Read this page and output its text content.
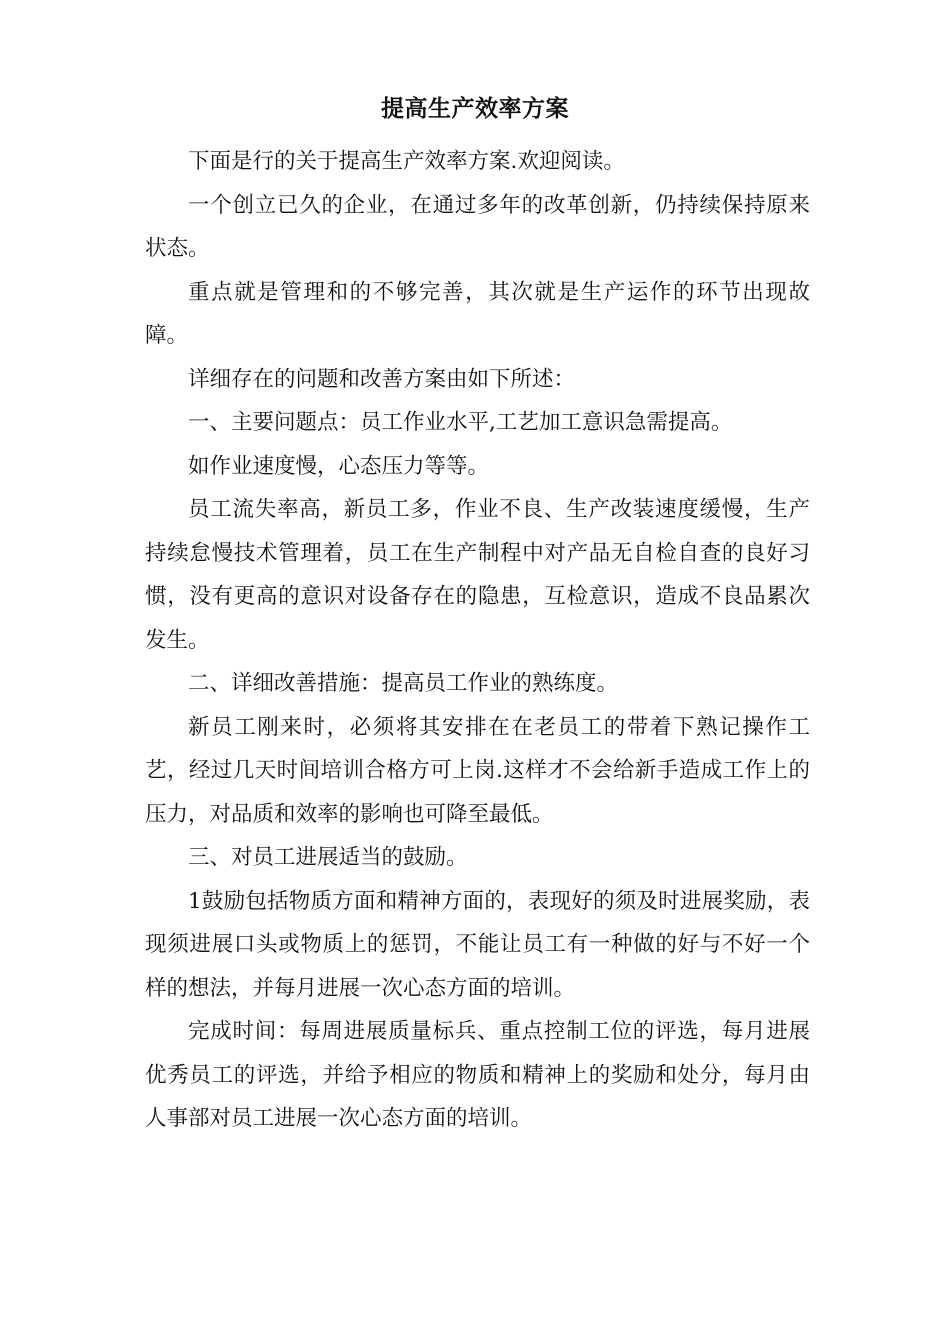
提高生产效率方案

下面是行的关于提高生产效率方案.欢迎阅读。

一个创立已久的企业，在通过多年的改革创新，仍持续保持原来状态。

重点就是管理和的不够完善，其次就是生产运作的环节出现故障。

详细存在的问题和改善方案由如下所述：

一、主要问题点：员工作业水平,工艺加工意识急需提高。

如作业速度慢，心态压力等等。

员工流失率高，新员工多，作业不良、生产改装速度缓慢，生产持续怠慢技术管理着，员工在生产制程中对产品无自检自查的良好习惯，没有更高的意识对设备存在的隐患，互检意识，造成不良品累次发生。

二、详细改善措施：提高员工作业的熟练度。

新员工刚来时，必须将其安排在在老员工的带着下熟记操作工艺，经过几天时间培训合格方可上岗.这样才不会给新手造成工作上的压力，对品质和效率的影响也可降至最低。

三、对员工进展适当的鼓励。

1鼓励包括物质方面和精神方面的，表现好的须及时进展奖励，表现须进展口头或物质上的惩罚，不能让员工有一种做的好与不好一个样的想法，并每月进展一次心态方面的培训。

完成时间：每周进展质量标兵、重点控制工位的评选，每月进展优秀员工的评选，并给予相应的物质和精神上的奖励和处分，每月由人事部对员工进展一次心态方面的培训。
